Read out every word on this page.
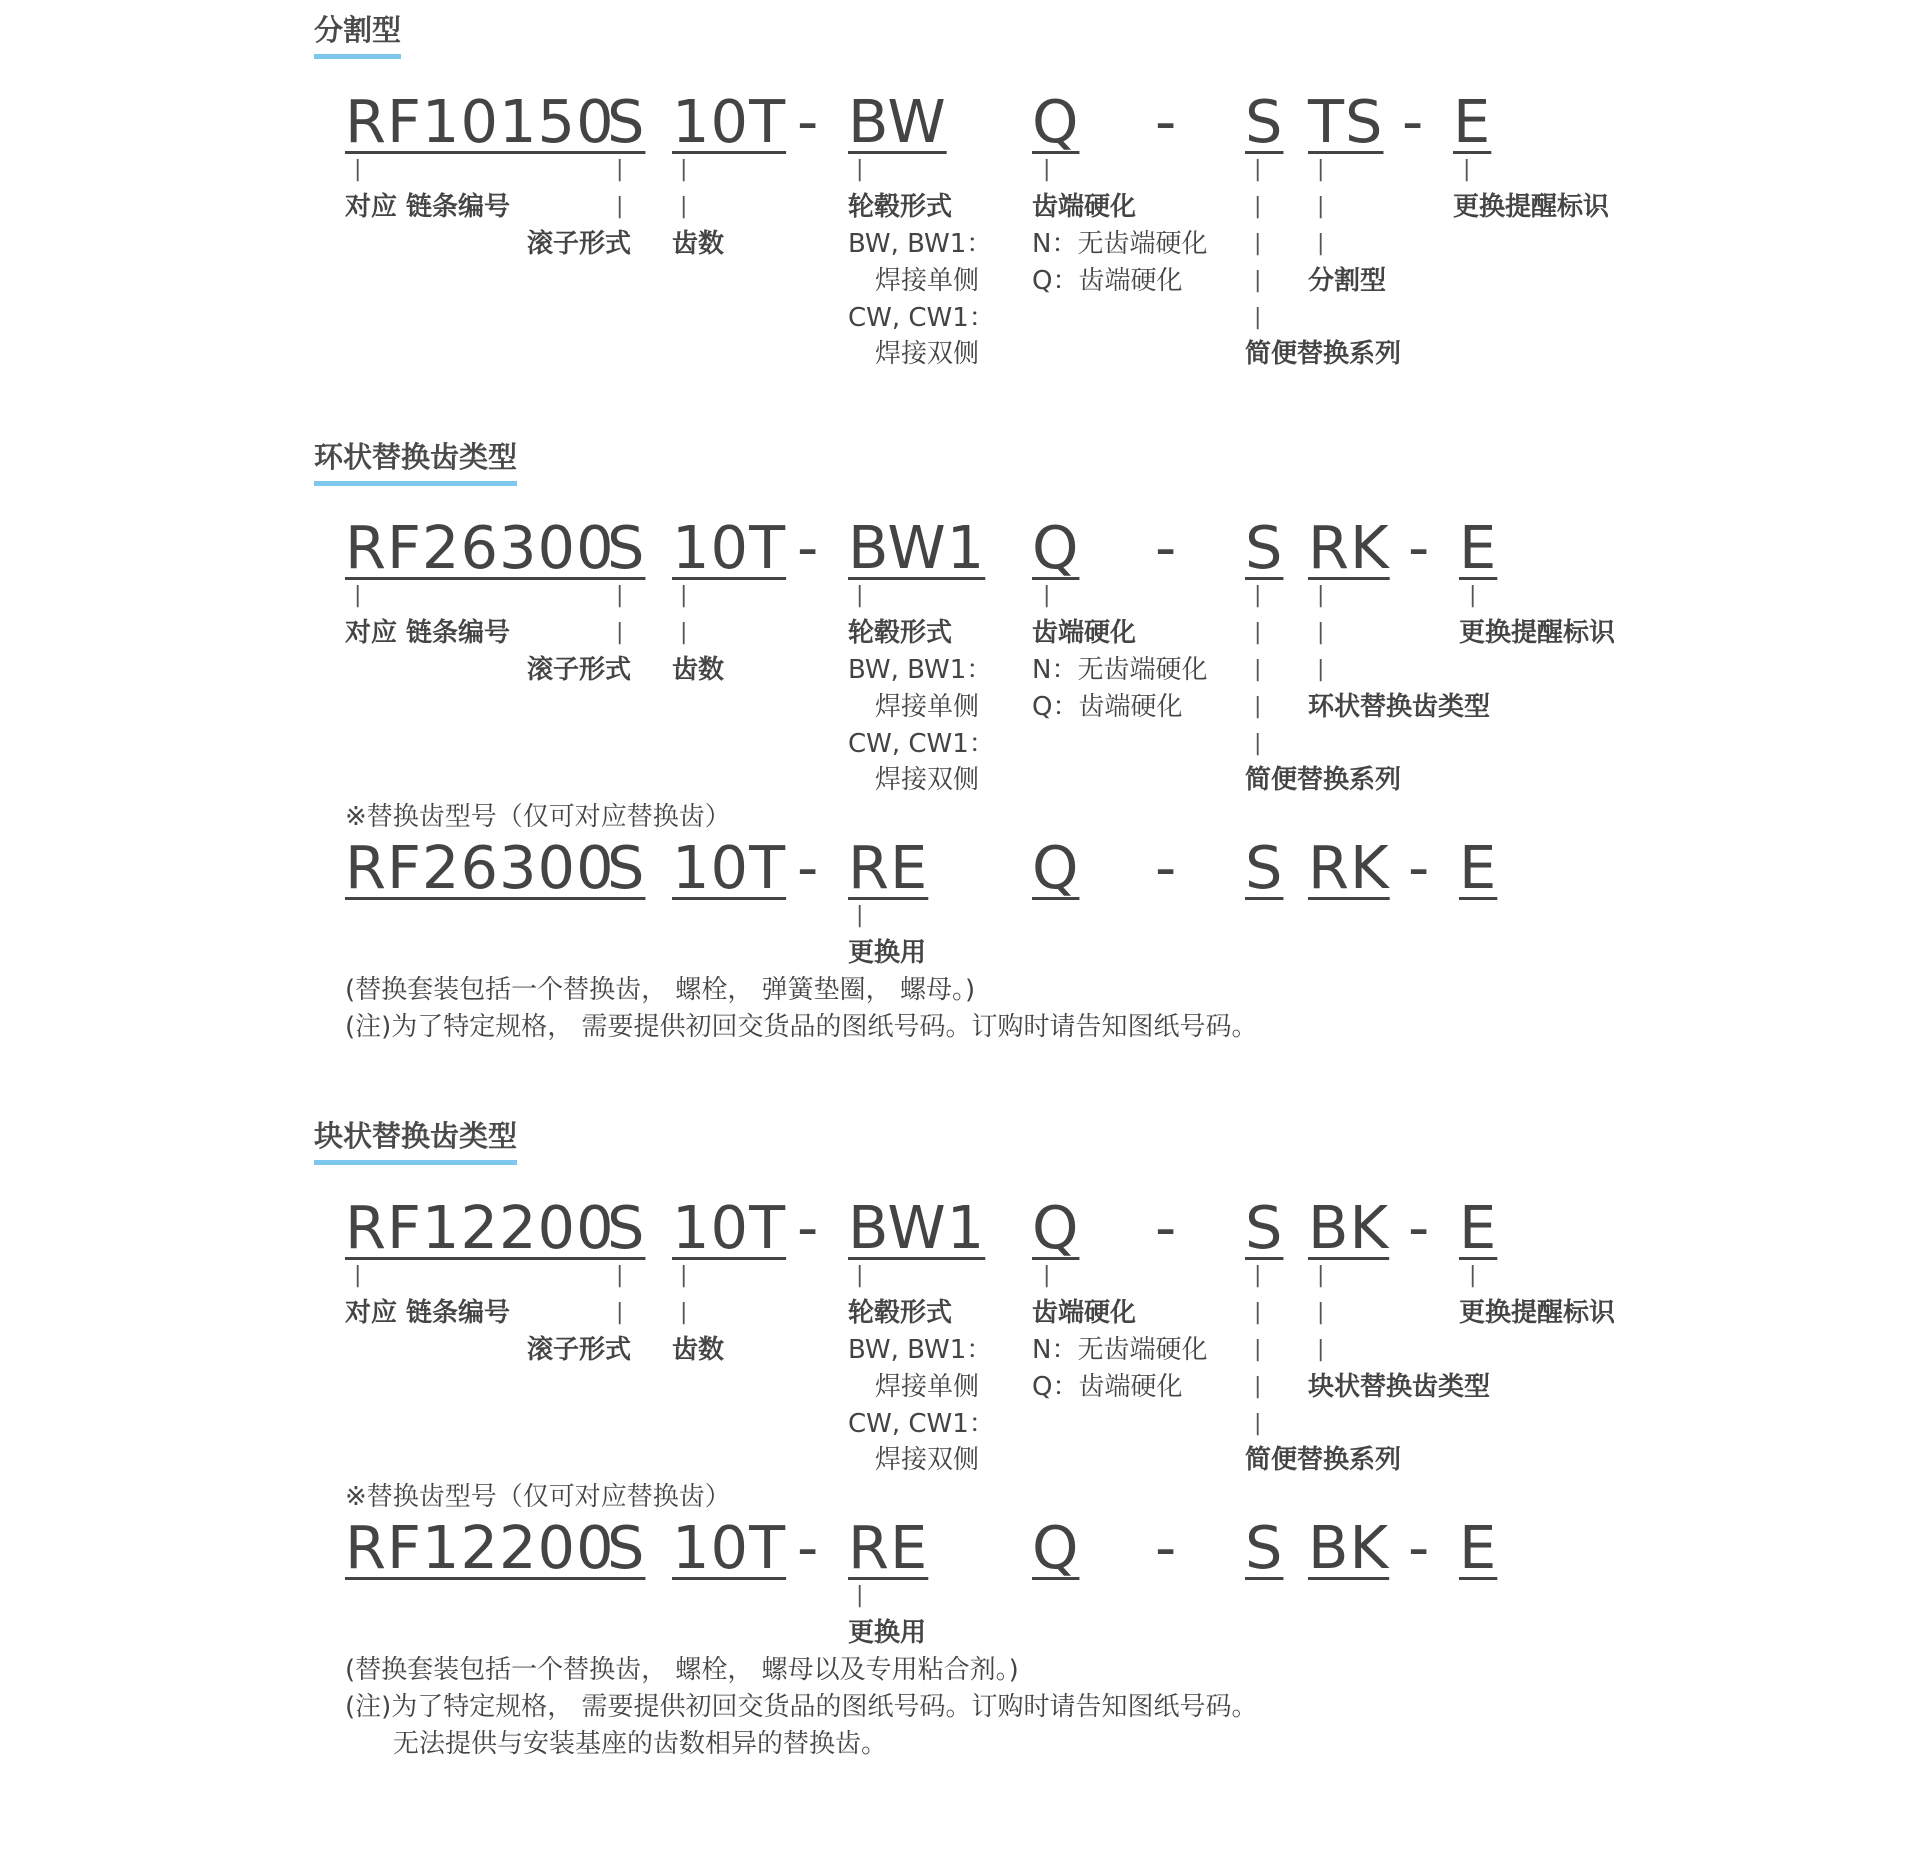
分割型
RF10150
S 10T - BW Q - S TS - E
|	|	|	|	|	|	|	|
|	|	|	|
|	|
|
|
对应 链条编号
滚子形式 齿数
轮毂形式
BW, BW1：
焊接单侧
CW, CW1：
焊接双侧
齿端硬化
N：无齿端硬化
Q：齿端硬化
简便替换系列
分割型
更换提醒标识
环状替换齿类型
RF26300
S 10T - BW1 Q - S RK - E
|	|	|	|	|	|	|	|
|	|	|	|
|	|
|
|
对应 链条编号
滚子形式 齿数
轮毂形式
BW, BW1：
焊接单侧
CW, CW1：
焊接双侧
齿端硬化
N：无齿端硬化
Q：齿端硬化
简便替换系列
环状替换齿类型
更换提醒标识
※替换齿型号（仅可对应替换齿）
RF26300
S 10T - RE Q - S RK - E
|
更换用
(替换套装包括一个替换齿， 螺栓， 弹簧垫圈， 螺母。)
(注)为了特定规格， 需要提供初回交货品的图纸号码。订购时请告知图纸号码。
块状替换齿类型
RF12200
S 10T - BW1 Q - S BK - E
|	|	|	|	|	|	|	|
|	|	|	|
|	|
|
|
对应 链条编号
滚子形式 齿数
轮毂形式
BW, BW1：
焊接单侧
CW, CW1：
焊接双侧
齿端硬化
N：无齿端硬化
Q：齿端硬化
简便替换系列
块状替换齿类型
更换提醒标识
※替换齿型号（仅可对应替换齿）
RF12200
S 10T - RE Q - S BK - E
|
更换用
(替换套装包括一个替换齿， 螺栓， 螺母以及专用粘合剂。)
(注)为了特定规格， 需要提供初回交货品的图纸号码。订购时请告知图纸号码。
无法提供与安装基座的齿数相异的替换齿。
